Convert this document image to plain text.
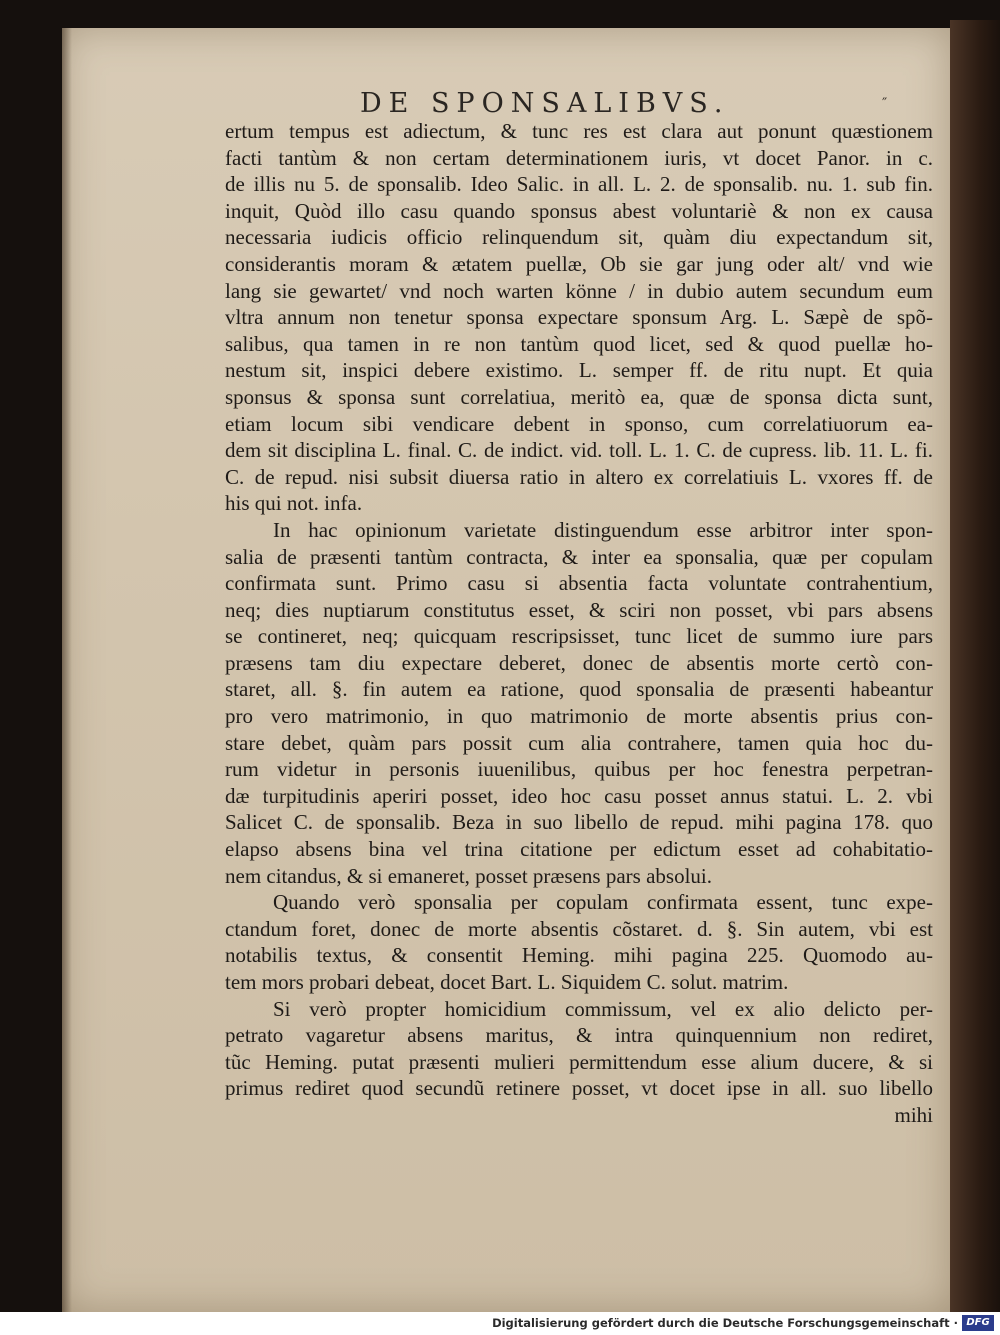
DE SPONSALIBVS.	″
ertum tempus est adiectum, & tunc res est clara aut ponunt quæstionem
facti tantùm & non certam determinationem iuris, vt docet Panor. in c.
de illis nu 5. de sponsalib. Ideo Salic. in all. L. 2. de sponsalib. nu. 1. sub fin.
inquit, Quòd illo casu quando sponsus abest voluntariè & non ex causa
necessaria iudicis officio relinquendum sit, quàm diu expectandum sit,
considerantis moram & ætatem puellæ, Ob sie gar jung oder alt/ vnd wie
lang sie gewartet/ vnd noch warten könne / in dubio autem secundum eum
vltra annum non tenetur sponsa expectare sponsum Arg. L. Sæpè de spõ-
salibus, qua tamen in re non tantùm quod licet, sed & quod puellæ ho-
nestum sit, inspici debere existimo. L. semper ff. de ritu nupt. Et quia
sponsus & sponsa sunt correlatiua, meritò ea, quæ de sponsa dicta sunt,
etiam locum sibi vendicare debent in sponso, cum correlatiuorum ea-
dem sit disciplina L. final. C. de indict. vid. toll. L. 1. C. de cupress. lib. 11. L. fi.
C. de repud. nisi subsit diuersa ratio in altero ex correlatiuis L. vxores ff. de
his qui not. infa.
In hac opinionum varietate distinguendum esse arbitror inter spon-
salia de præsenti tantùm contracta, & inter ea sponsalia, quæ per copulam
confirmata sunt. Primo casu si absentia facta voluntate contrahentium,
neq; dies nuptiarum constitutus esset, & sciri non posset, vbi pars absens
se contineret, neq; quicquam rescripsisset, tunc licet de summo iure pars
præsens tam diu expectare deberet, donec de absentis morte certò con-
staret, all. §. fin autem ea ratione, quod sponsalia de præsenti habeantur
pro vero matrimonio, in quo matrimonio de morte absentis prius con-
stare debet, quàm pars possit cum alia contrahere, tamen quia hoc du-
rum videtur in personis iuuenilibus, quibus per hoc fenestra perpetran-
dæ turpitudinis aperiri posset, ideo hoc casu posset annus statui. L. 2. vbi
Salicet C. de sponsalib. Beza in suo libello de repud. mihi pagina 178. quo
elapso absens bina vel trina citatione per edictum esset ad cohabitatio-
nem citandus, & si emaneret, posset præsens pars absolui.
Quando verò sponsalia per copulam confirmata essent, tunc expe-
ctandum foret, donec de morte absentis cõstaret. d. §. Sin autem, vbi est
notabilis textus, & consentit Heming. mihi pagina 225. Quomodo au-
tem mors probari debeat, docet Bart. L. Siquidem C. solut. matrim.
Si verò propter homicidium commissum, vel ex alio delicto per-
petrato vagaretur absens maritus, & intra quinquennium non rediret,
tũc Heming. putat præsenti mulieri permittendum esse alium ducere, & si
primus rediret quod secundũ retinere posset, vt docet ipse in all. suo libello
mihi
Digitalisierung gefördert durch die Deutsche Forschungsgemeinschaft · DFG
